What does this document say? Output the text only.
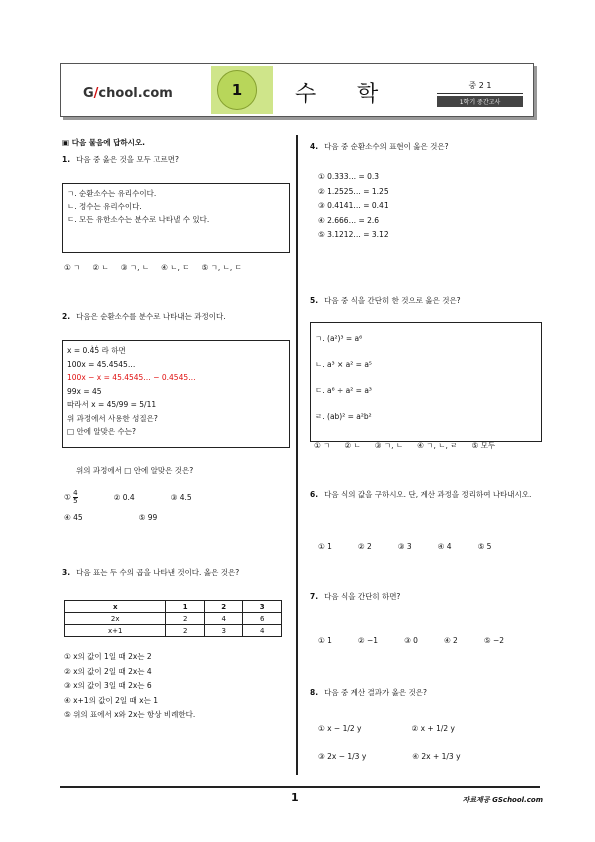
G/chool.com	1	수 학	중 2 1
1학기 중간고사
▣ 다음 물음에 답하시오.
1. 다음 중 옳은 것을 모두 고르면?
ㄱ. 순환소수는 유리수이다.
ㄴ. 정수는 유리수이다.
ㄷ. 모든 유한소수는 분수로 나타낼 수 있다.
① ㄱ ② ㄴ ③ ㄱ, ㄴ ④ ㄴ, ㄷ ⑤ ㄱ, ㄴ, ㄷ
2. 다음은 순환소수를 분수로 나타내는 과정이다.
x = 0.4̇5̇ 라 하면
100x = 45.4545…
100x − x = 45.4545… − 0.4545…
99x = 45
따라서 x = 45/99 = 5/11
위 과정에서 사용한 성질은?
□ 안에 알맞은 수는?
위의 과정에서 □ 안에 알맞은 것은?
① $\frac{4}{5}$	② 0.4̇	③ 4.5
④ 45	⑤ 99
3. 다음 표는 두 수의 곱을 나타낸 것이다. 옳은 것은?
x	1	2	3
2x	2	4	6
x+1	2	3	4
① x의 값이 1일 때 2x는 2
② x의 값이 2일 때 2x는 4
③ x의 값이 3일 때 2x는 6
④ x+1의 값이 2일 때 x는 1
⑤ 위의 표에서 x와 2x는 항상 비례한다.
4. 다음 중 순환소수의 표현이 옳은 것은?
① 0.333… = 0.3̇
② 1.2525… = 1.2̇5̇
③ 0.4141… = 0.4̇1̇
④ 2.666… = 2.6̇
⑤ 3.1212… = 3.1̇2̇
5. 다음 중 식을 간단히 한 것으로 옳은 것은?
ㄱ. (a²)³ = a⁶
ㄴ. a³ × a² = a⁵
ㄷ. a⁶ ÷ a² = a³
ㄹ. (ab)² = a²b²
① ㄱ ② ㄴ ③ ㄱ, ㄴ ④ ㄱ, ㄴ, ㄹ ⑤ 모두
6. 다음 식의 값을 구하시오. 단, 계산 과정을 정리하여 나타내시오.
① 1	② 2	③ 3	④ 4	⑤ 5
7. 다음 식을 간단히 하면?
① 1	② −1	③ 0	④ 2	⑤ −2
8. 다음 중 계산 결과가 옳은 것은?
① x − 1/2 y	② x + 1/2 y
③ 2x − 1/3 y	④ 2x + 1/3 y
1	자료제공 GSchool.com
